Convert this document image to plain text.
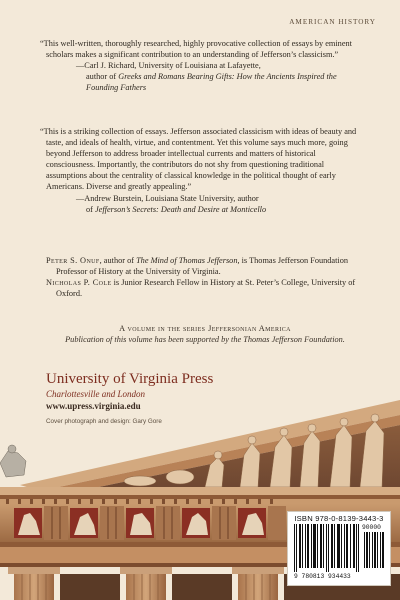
AMERICAN HISTORY

“This well-written, thoroughly researched, highly provocative collection of essays by eminent scholars makes a significant contribution to an understanding of Jefferson’s classicism.”

—Carl J. Richard, University of Louisiana at Lafayette,
author of Greeks and Romans Bearing Gifts: How the Ancients Inspired the Founding Fathers

“This is a striking collection of essays. Jefferson associated classicism with ideas of beauty and taste, and ideals of health, virtue, and contentment. Yet this volume says much more, going beyond Jefferson to address broader intellectual currents and matters of historical consciousness. Importantly, the contributors do not shy from questioning traditional assumptions about the centrality of classical knowledge in the political thought of early Americans. Diverse and greatly appealing.”

—Andrew Burstein, Louisiana State University, author
of Jefferson’s Secrets: Death and Desire at Monticello

Peter S. Onuf, author of The Mind of Thomas Jefferson, is Thomas Jefferson Foundation Professor of History at the University of Virginia.

Nicholas P. Cole is Junior Research Fellow in History at St. Peter’s College, University of Oxford.

A volume in the series Jeffersonian America
Publication of this volume has been supported by the Thomas Jefferson Foundation.
University of Virginia Press
Charlottesville and London
www.upress.virginia.edu
Cover photograph and design: Gary Gore
ISBN 978-0-8139-3443-3
90000
9 780813 934433
